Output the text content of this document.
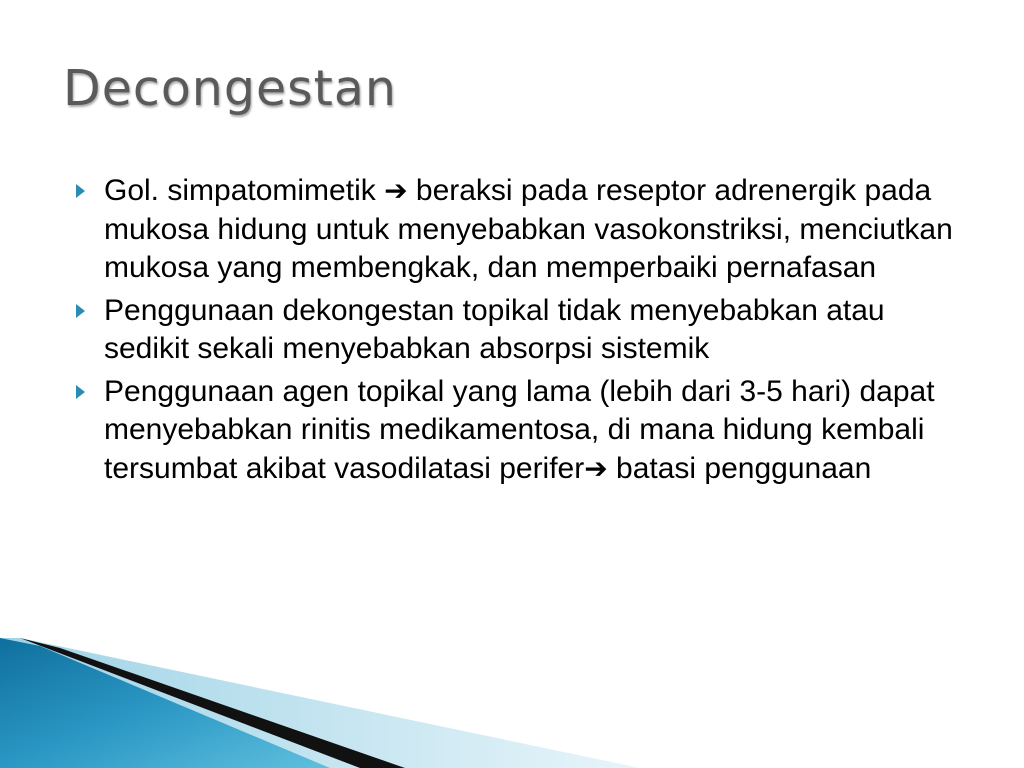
Decongestan
Gol. simpatomimetik ➔ beraksi pada reseptor adrenergik pada mukosa hidung untuk menyebabkan vasokonstriksi, menciutkan mukosa yang membengkak, dan memperbaiki pernafasan
Penggunaan dekongestan topikal tidak menyebabkan atau sedikit sekali menyebabkan absorpsi sistemik
Penggunaan agen topikal yang lama (lebih dari 3-5 hari) dapat menyebabkan rinitis medikamentosa, di mana hidung kembali tersumbat akibat vasodilatasi perifer➔ batasi penggunaan
